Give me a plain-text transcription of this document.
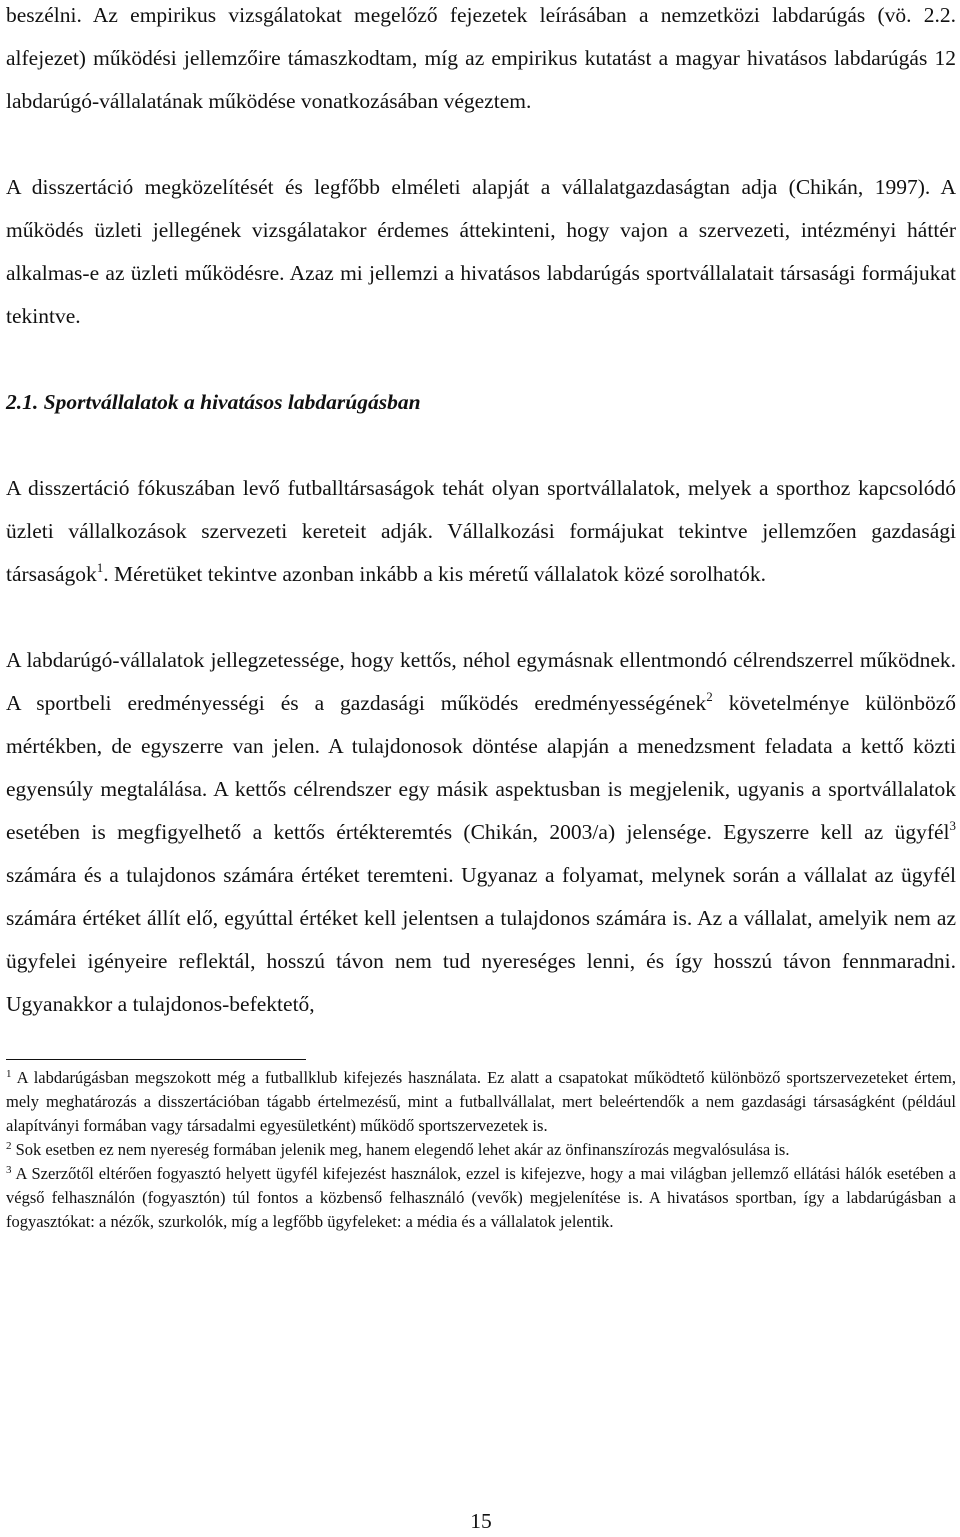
beszélni. Az empirikus vizsgálatokat megelőző fejezetek leírásában a nemzetközi labdarúgás (vö. 2.2. alfejezet) működési jellemzőire támaszkodtam, míg az empirikus kutatást a magyar hivatásos labdarúgás 12 labdarúgó-vállalatának működése vonatkozásában végeztem.

A disszertáció megközelítését és legfőbb elméleti alapját a vállalatgazdaságtan adja (Chikán, 1997). A működés üzleti jellegének vizsgálatakor érdemes áttekinteni, hogy vajon a szervezeti, intézményi háttér alkalmas-e az üzleti működésre. Azaz mi jellemzi a hivatásos labdarúgás sportvállalatait társasági formájukat tekintve.

2.1. Sportvállalatok a hivatásos labdarúgásban

A disszertáció fókuszában levő futballtársaságok tehát olyan sportvállalatok, melyek a sporthoz kapcsolódó üzleti vállalkozások szervezeti kereteit adják. Vállalkozási formájukat tekintve jellemzően gazdasági társaságok$^1$. Méretüket tekintve azonban inkább a kis méretű vállalatok közé sorolhatók.

A labdarúgó-vállalatok jellegzetessége, hogy kettős, néhol egymásnak ellentmondó célrendszerrel működnek. A sportbeli eredményességi és a gazdasági működés eredményességének$^2$ követelménye különböző mértékben, de egyszerre van jelen. A tulajdonosok döntése alapján a menedzsment feladata a kettő közti egyensúly megtalálása. A kettős célrendszer egy másik aspektusban is megjelenik, ugyanis a sportvállalatok esetében is megfigyelhető a kettős értékteremtés (Chikán, 2003/a) jelensége. Egyszerre kell az ügyfél$^3$ számára és a tulajdonos számára értéket teremteni. Ugyanaz a folyamat, melynek során a vállalat az ügyfél számára értéket állít elő, egyúttal értéket kell jelentsen a tulajdonos számára is. Az a vállalat, amelyik nem az ügyfelei igényeire reflektál, hosszú távon nem tud nyereséges lenni, és így hosszú távon fennmaradni. Ugyanakkor a tulajdonos-befektető,

$^1$ A labdarúgásban megszokott még a futballklub kifejezés használata. Ez alatt a csapatokat működtető különböző sportszervezeteket értem, mely meghatározás a disszertációban tágabb értelmezésű, mint a futballvállalat, mert beleértendők a nem gazdasági társaságként (például alapítványi formában vagy társadalmi egyesületként) működő sportszervezetek is.

$^2$ Sok esetben ez nem nyereség formában jelenik meg, hanem elegendő lehet akár az önfinanszírozás megvalósulása is.

$^3$ A Szerzőtől eltérően fogyasztó helyett ügyfél kifejezést használok, ezzel is kifejezve, hogy a mai világban jellemző ellátási hálók esetében a végső felhasználón (fogyasztón) túl fontos a közbenső felhasználó (vevők) megjelenítése is. A hivatásos sportban, így a labdarúgásban a fogyasztókat: a nézők, szurkolók, míg a legfőbb ügyfeleket: a média és a vállalatok jelentik.

15
